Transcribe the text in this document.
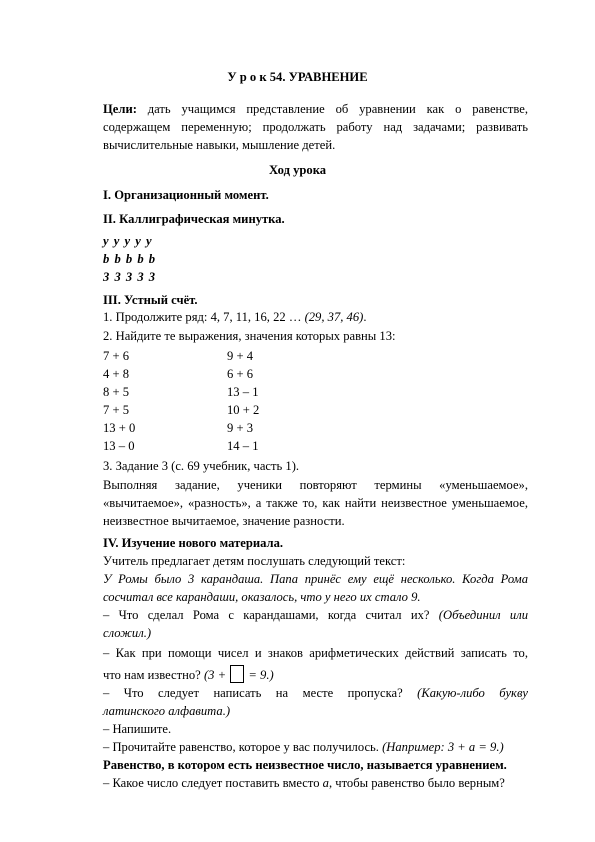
У р о к 54. УРАВНЕНИЕ
Цели: дать учащимся представление об уравнении как о равенстве,
содержащем переменную; продолжать работу над задачами; развивать
вычислительные навыки, мышление детей.
Ход урока
I. Организационный момент.
II. Каллиграфическая минутка.
у у у у у
b b b b b
3 3 3 3 3
III. Устный счёт.
1. Продолжите ряд: 4, 7, 11, 16, 22 … (29, 37, 46).
2. Найдите те выражения, значения которых равны 13:
7 + 6
4 + 8
8 + 5
7 + 5
13 + 0
13 – 0
9 + 4
6 + 6
13 – 1
10 + 2
9 + 3
14 – 1
3. Задание 3 (с. 69 учебник, часть 1).
Выполняя задание, ученики повторяют термины «уменьшаемое»,
«вычитаемое», «разность», а также то, как найти неизвестное уменьшаемое,
неизвестное вычитаемое, значение разности.
IV. Изучение нового материала.
Учитель предлагает детям послушать следующий текст:
У Ромы было 3 карандаша. Папа принёс ему ещё несколько. Когда Рома
сосчитал все карандаши, оказалось, что у него их стало 9.
– Что сделал Рома с карандашами, когда считал их? (Объединил или
сложил.)
– Как при помощи чисел и знаков арифметических действий записать то,
что нам известно? (3 +  = 9.)
– Что следует написать на месте пропуска? (Какую-либо букву
латинского алфавита.)
– Напишите.
– Прочитайте равенство, которое у вас получилось. (Например: 3 + а = 9.)
Равенство, в котором есть неизвестное число, называется уравнением.
– Какое число следует поставить вместо а, чтобы равенство было верным?
